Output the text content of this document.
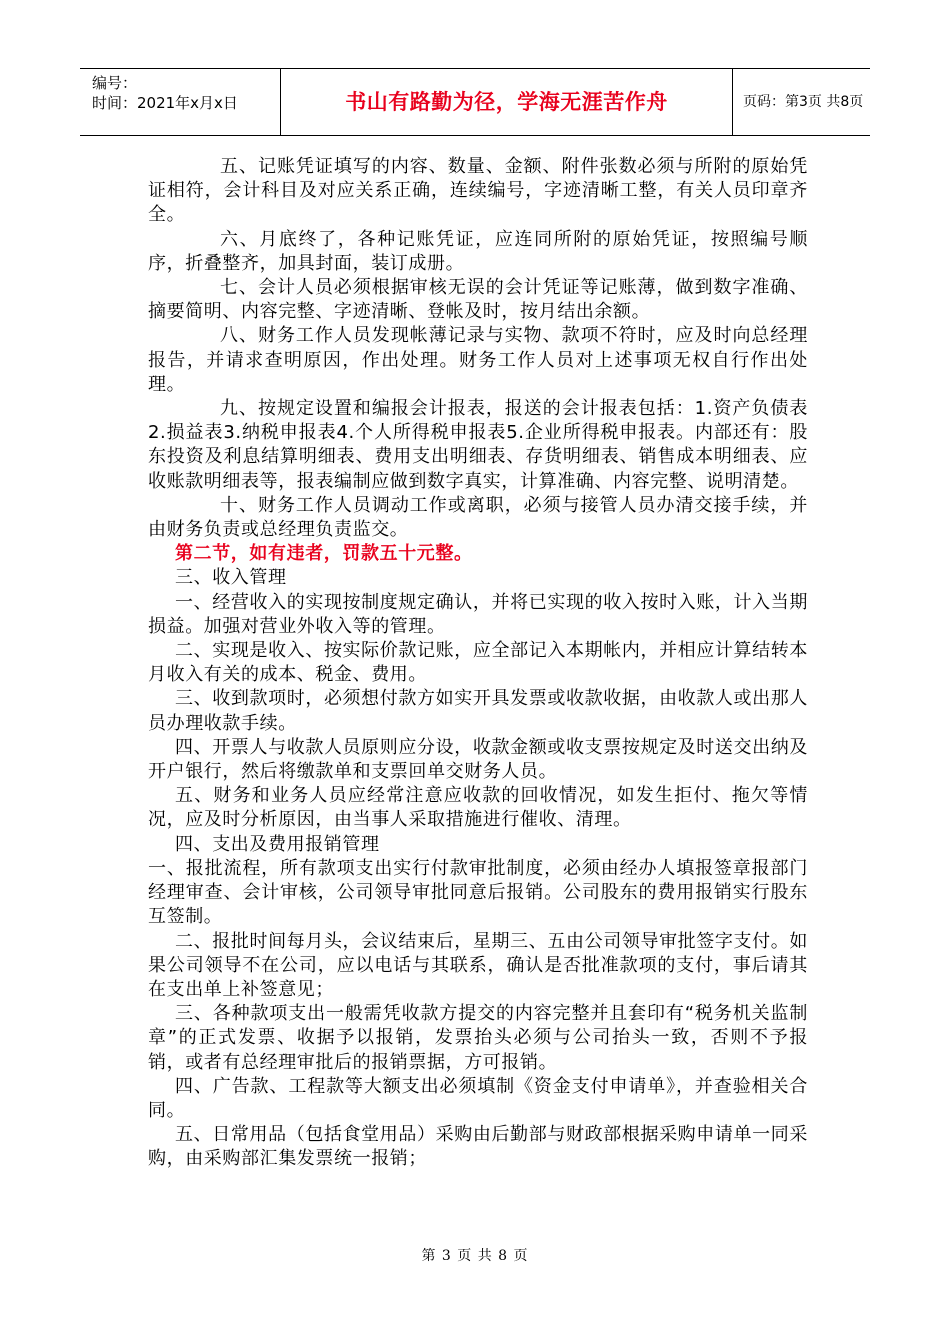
编号：
时间：2021年x月x日	书山有路勤为径，学海无涯苦作舟	页码：第3页 共8页

五、记账凭证填写的内容、数量、金额、附件张数必须与所附的原始凭证相符，会计科目及对应关系正确，连续编号，字迹清晰工整，有关人员印章齐全。

六、月底终了，各种记账凭证，应连同所附的原始凭证，按照编号顺序，折叠整齐，加具封面，装订成册。

七、会计人员必须根据审核无误的会计凭证等记账薄，做到数字准确、摘要简明、内容完整、字迹清晰、登帐及时，按月结出余额。

八、财务工作人员发现帐薄记录与实物、款项不符时，应及时向总经理报告，并请求查明原因，作出处理。财务工作人员对上述事项无权自行作出处理。

九、按规定设置和编报会计报表，报送的会计报表包括：1.资产负债表2.损益表3.纳税申报表4.个人所得税申报表5.企业所得税申报表。内部还有：股东投资及利息结算明细表、费用支出明细表、存货明细表、销售成本明细表、应收账款明细表等，报表编制应做到数字真实，计算准确、内容完整、说明清楚。

十、财务工作人员调动工作或离职，必须与接管人员办清交接手续，并由财务负责或总经理负责监交。

第二节，如有违者，罚款五十元整。

三、收入管理

一、经营收入的实现按制度规定确认，并将已实现的收入按时入账，计入当期损益。加强对营业外收入等的管理。

二、实现是收入、按实际价款记账，应全部记入本期帐内，并相应计算结转本月收入有关的成本、税金、费用。

三、收到款项时，必须想付款方如实开具发票或收款收据，由收款人或出那人员办理收款手续。

四、开票人与收款人员原则应分设，收款金额或收支票按规定及时送交出纳及开户银行，然后将缴款单和支票回单交财务人员。

五、财务和业务人员应经常注意应收款的回收情况，如发生拒付、拖欠等情况，应及时分析原因，由当事人采取措施进行催收、清理。

四、支出及费用报销管理

一、报批流程，所有款项支出实行付款审批制度，必须由经办人填报签章报部门经理审查、会计审核，公司领导审批同意后报销。公司股东的费用报销实行股东互签制。

二、报批时间每月头，会议结束后，星期三、五由公司领导审批签字支付。如果公司领导不在公司，应以电话与其联系，确认是否批准款项的支付，事后请其在支出单上补签意见；

三、各种款项支出一般需凭收款方提交的内容完整并且套印有“税务机关监制章”的正式发票、收据予以报销，发票抬头必须与公司抬头一致，否则不予报销，或者有总经理审批后的报销票据，方可报销。

四、广告款、工程款等大额支出必须填制《资金支付申请单》，并查验相关合同。

五、日常用品（包括食堂用品）采购由后勤部与财政部根据采购申请单一同采购，由采购部汇集发票统一报销；

第 3 页 共 8 页
